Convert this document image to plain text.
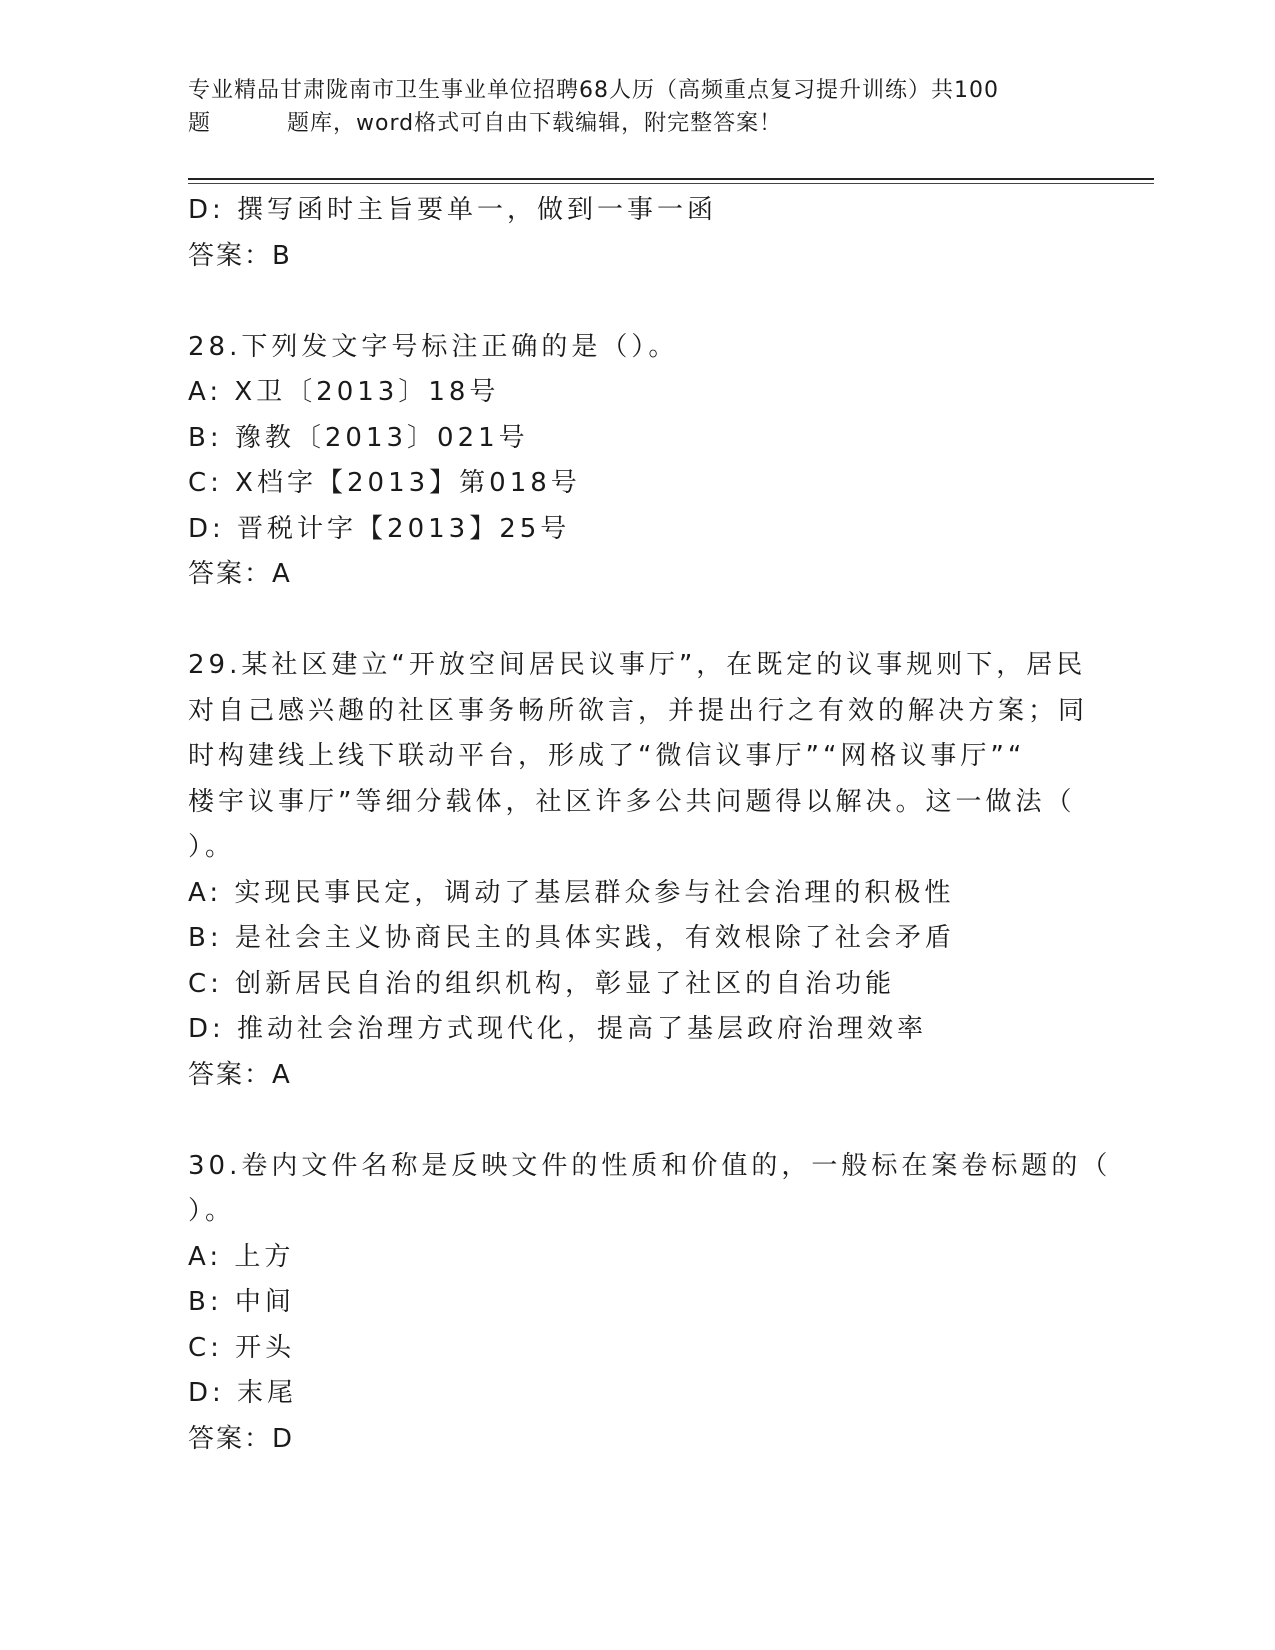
专业精品甘肃陇南市卫生事业单位招聘68人历（高频重点复习提升训练）共100
题	题库，word格式可自由下载编辑，附完整答案！
D: 撰写函时主旨要单一，做到一事一函
答案：B
28.下列发文字号标注正确的是（）。
A: X卫〔2013〕18号
B: 豫教〔2013〕021号
C: X档字【2013】第018号
D: 晋税计字【2013】25号
答案：A
29.某社区建立“开放空间居民议事厅”，在既定的议事规则下，居民
对自己感兴趣的社区事务畅所欲言，并提出行之有效的解决方案；同
时构建线上线下联动平台，形成了“微信议事厅”“网格议事厅”“
楼宇议事厅”等细分载体，社区许多公共问题得以解决。这一做法（
）。
A: 实现民事民定，调动了基层群众参与社会治理的积极性
B: 是社会主义协商民主的具体实践，有效根除了社会矛盾
C: 创新居民自治的组织机构，彰显了社区的自治功能
D: 推动社会治理方式现代化，提高了基层政府治理效率
答案：A
30.卷内文件名称是反映文件的性质和价值的，一般标在案卷标题的（
）。
A: 上方
B: 中间
C: 开头
D: 末尾
答案：D
